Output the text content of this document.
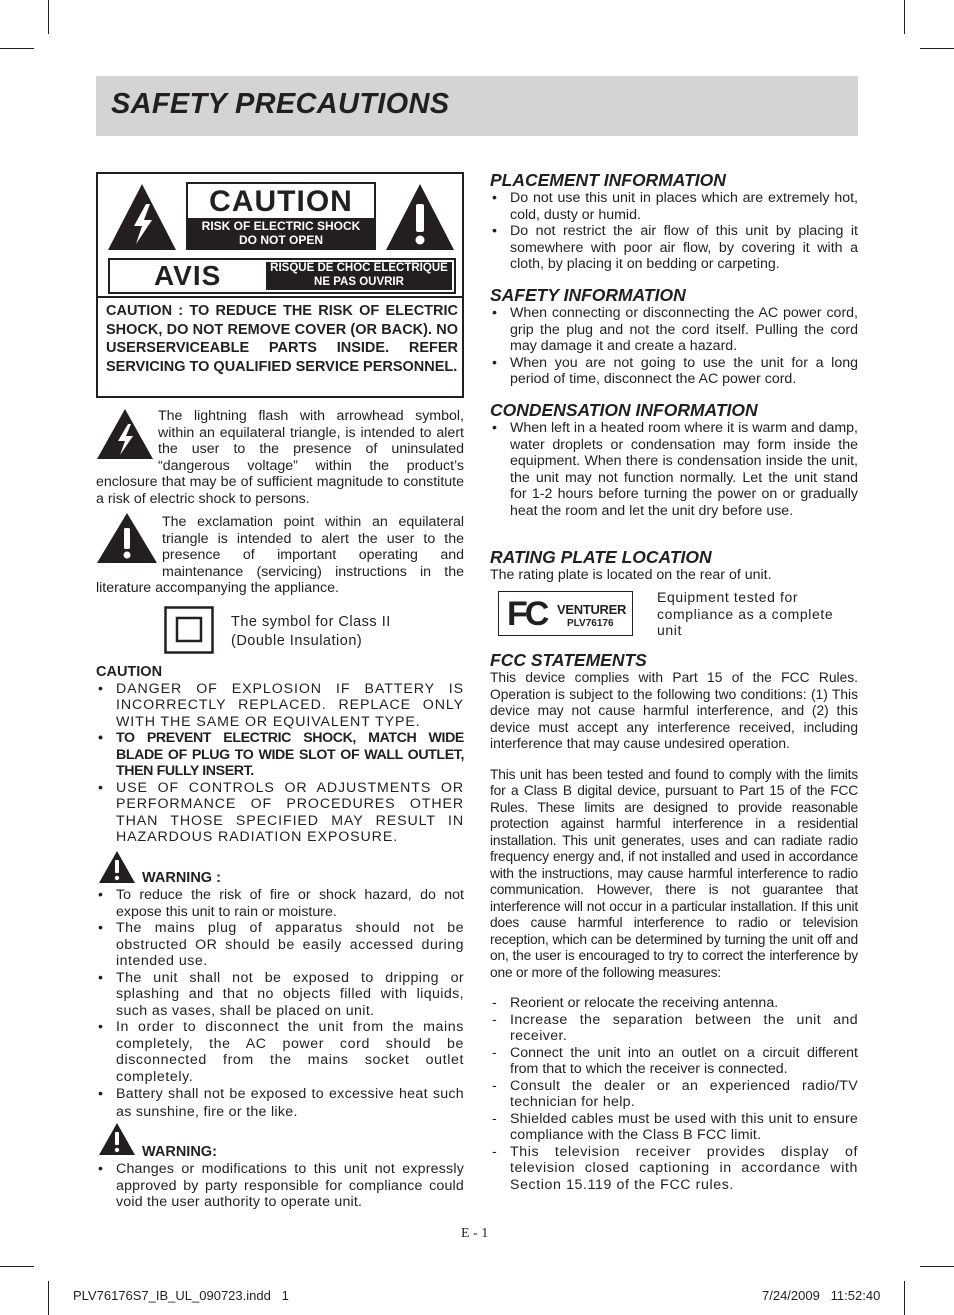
SAFETY PRECAUTIONS
CAUTION
RISK OF ELECTRIC SHOCK
DO NOT OPEN
AVIS	RISQUE DE CHOC ELÉCTRIQUE
NE PAS OUVRIR
CAUTION : TO REDUCE THE RISK OF ELECTRIC SHOCK, DO NOT REMOVE COVER (OR BACK). NO USERSERVICEABLE PARTS INSIDE. REFER SERVICING TO QUALIFIED SERVICE PERSONNEL.
The lightning flash with arrowhead symbol, within an equilateral triangle, is intended to alert the user to the presence of uninsulated “dangerous voltage” within the product’s enclosure that may be of sufficient magnitude to constitute a risk of electric shock to persons.
The exclamation point within an equilateral triangle is intended to alert the user to the presence of important operating and maintenance (servicing) instructions in the literature accompanying the appliance.
The symbol for Class II (Double Insulation)
CAUTION
• DANGER OF EXPLOSION IF BATTERY IS INCORRECTLY REPLACED. REPLACE ONLY WITH THE SAME OR EQUIVALENT TYPE.
• TO PREVENT ELECTRIC SHOCK, MATCH WIDE BLADE OF PLUG TO WIDE SLOT OF WALL OUTLET, THEN FULLY INSERT.
• USE OF CONTROLS OR ADJUSTMENTS OR PERFORMANCE OF PROCEDURES OTHER THAN THOSE SPECIFIED MAY RESULT IN HAZARDOUS RADIATION EXPOSURE.
WARNING :
• To reduce the risk of fire or shock hazard, do not expose this unit to rain or moisture.
• The mains plug of apparatus should not be obstructed OR should be easily accessed during intended use.
• The unit shall not be exposed to dripping or splashing and that no objects filled with liquids, such as vases, shall be placed on unit.
• In order to disconnect the unit from the mains completely, the AC power cord should be disconnected from the mains socket outlet completely.
• Battery shall not be exposed to excessive heat such as sunshine, fire or the like.
WARNING:
• Changes or modifications to this unit not expressly approved by party responsible for compliance could void the user authority to operate unit.
PLACEMENT INFORMATION
• Do not use this unit in places which are extremely hot, cold, dusty or humid.
• Do not restrict the air flow of this unit by placing it somewhere with poor air flow, by covering it with a cloth, by placing it on bedding or carpeting.
SAFETY INFORMATION
• When connecting or disconnecting the AC power cord, grip the plug and not the cord itself. Pulling the cord may damage it and create a hazard.
• When you are not going to use the unit for a long period of time, disconnect the AC power cord.
CONDENSATION INFORMATION
• When left in a heated room where it is warm and damp, water droplets or condensation may form inside the equipment. When there is condensation inside the unit, the unit may not function normally. Let the unit stand for 1-2 hours before turning the power on or gradually heat the room and let the unit dry before use.
RATING PLATE LOCATION
The rating plate is located on the rear of unit.
FC VENTURER
PLV76176
Equipment tested for compliance as a complete unit
FCC STATEMENTS
This device complies with Part 15 of the FCC Rules. Operation is subject to the following two conditions: (1) This device may not cause harmful interference, and (2) this device must accept any interference received, including interference that may cause undesired operation.
This unit has been tested and found to comply with the limits for a Class B digital device, pursuant to Part 15 of the FCC Rules. These limits are designed to provide reasonable protection against harmful interference in a residential installation. This unit generates, uses and can radiate radio frequency energy and, if not installed and used in accordance with the instructions, may cause harmful interference to radio communication. However, there is not guarantee that interference will not occur in a particular installation. If this unit does cause harmful interference to radio or television reception, which can be determined by turning the unit off and on, the user is encouraged to try to correct the interference by one or more of the following measures:
- Reorient or relocate the receiving antenna.
- Increase the separation between the unit and receiver.
- Connect the unit into an outlet on a circuit different from that to which the receiver is connected.
- Consult the dealer or an experienced radio/TV technician for help.
- Shielded cables must be used with this unit to ensure compliance with the Class B FCC limit.
- This television receiver provides display of television closed captioning in accordance with Section 15.119 of the FCC rules.
E - 1
PLV76176S7_IB_UL_090723.indd   1	7/24/2009   11:52:40
